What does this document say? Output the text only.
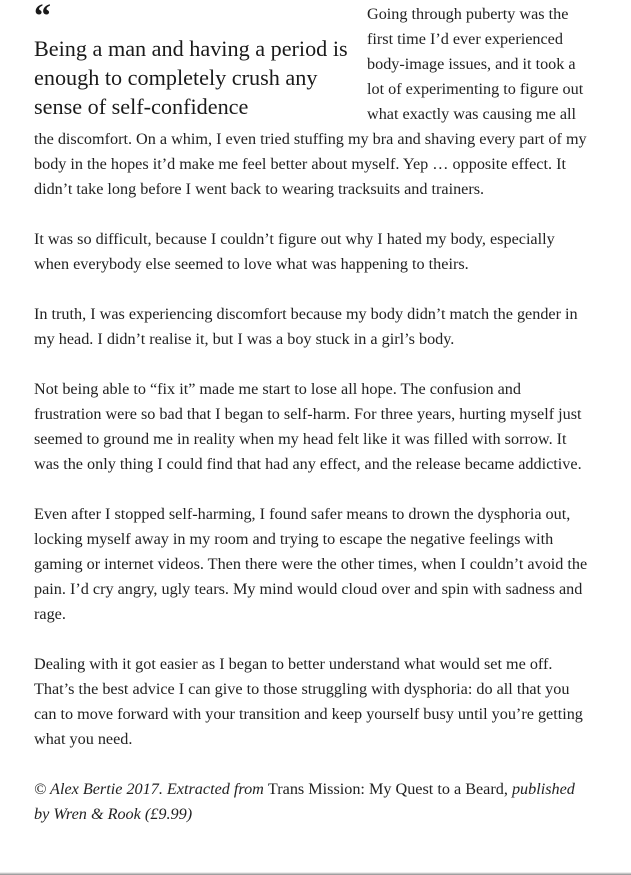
“
Being a man and having a period is enough to completely crush any sense of self-confidence

Going through puberty was the first time I’d ever experienced body-image issues, and it took a lot of experimenting to figure out what exactly was causing me all the discomfort. On a whim, I even tried stuffing my bra and shaving every part of my body in the hopes it’d make me feel better about myself. Yep … opposite effect. It didn’t take long before I went back to wearing tracksuits and trainers.

It was so difficult, because I couldn’t figure out why I hated my body, especially when everybody else seemed to love what was happening to theirs.

In truth, I was experiencing discomfort because my body didn’t match the gender in my head. I didn’t realise it, but I was a boy stuck in a girl’s body.

Not being able to “fix it” made me start to lose all hope. The confusion and frustration were so bad that I began to self-harm. For three years, hurting myself just seemed to ground me in reality when my head felt like it was filled with sorrow. It was the only thing I could find that had any effect, and the release became addictive.

Even after I stopped self-harming, I found safer means to drown the dysphoria out, locking myself away in my room and trying to escape the negative feelings with gaming or internet videos. Then there were the other times, when I couldn’t avoid the pain. I’d cry angry, ugly tears. My mind would cloud over and spin with sadness and rage.

Dealing with it got easier as I began to better understand what would set me off. That’s the best advice I can give to those struggling with dysphoria: do all that you can to move forward with your transition and keep yourself busy until you’re getting what you need.

© Alex Bertie 2017. Extracted from Trans Mission: My Quest to a Beard, published by Wren & Rook (£9.99)
